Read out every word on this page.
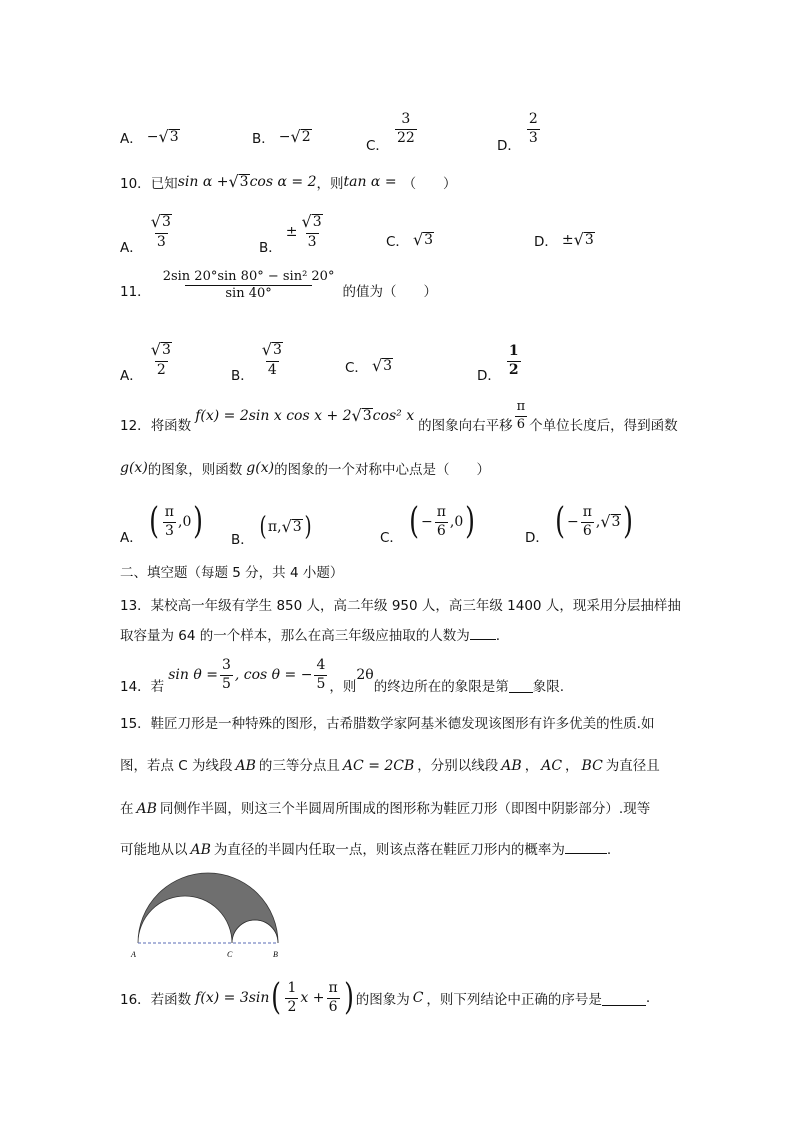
A． − √ 3	B． − √ 2
C．
$\frac{3}{22}$
D．
$\frac{2}{3}$
10． 已知 sin α + √ 3 cos α = 2 ，则 tan α = （　　）
A． $\frac{√ 3}{3}$	B．
± $\frac{√ 3}{3}$	C． √ 3	D． ± √ 3
11． $\frac{\text{2sin 20°sin 80° − sin² 20°}}{\sin 40^\circ}$ 的值为（　　）
A． $\frac{√ 3}{2}$	B． $\frac{√ 3}{4}$	C． √ 3
D． $\frac{1}{2}$
12． 将函数
f(x) = 2sin x cos x + 2 √ 3 cos² x
的图象向右平移 $\frac{\pi}{6}$ 个单位长度后，得到函数
g(x) 的图象，则函数 g(x) 的图象的一个对称中心点是（　　）
A． ( $\frac{\pi}{3} ,0$ ) B． ( π, √ 3 )	C． ( − $\frac{\pi}{6} ,0$ )	D． ( − $\frac{\pi}{6}$ , √ 3 )
二、填空题（每题 5 分，共 4 小题）
13．某校高一年级有学生 850 人，高二年级 950 人，高三年级 1400 人，现采用分层抽样抽
取容量为 64 的一个样本，那么在高三年级应抽取的人数为 .
14．若
$\sin \theta = \frac{3}{5}$ , cos θ = − $\frac{4}{5}$ ，则
2θ
的终边所在的象限是第 象限.
15．鞋匠刀形是一种特殊的图形，古希腊数学家阿基米德发现该图形有许多优美的性质.如
图，若点 C 为线段 AB 的三等分点且 AC = 2CB ，分别以线段 AB ， AC ， BC 为直径且
在 AB 同侧作半圆，则这三个半圆周所围成的图形称为鞋匠刀形（即图中阴影部分）.现等
可能地从以 AB 为直径的半圆内任取一点，则该点落在鞋匠刀形内的概率为	.
A	C	B
16．若函数 f(x) = 3sin ( $\frac{1}{2}$ $x + \frac{\pi}{6}$ ) 的图象为 C ，则下列结论中正确的序号是	.
